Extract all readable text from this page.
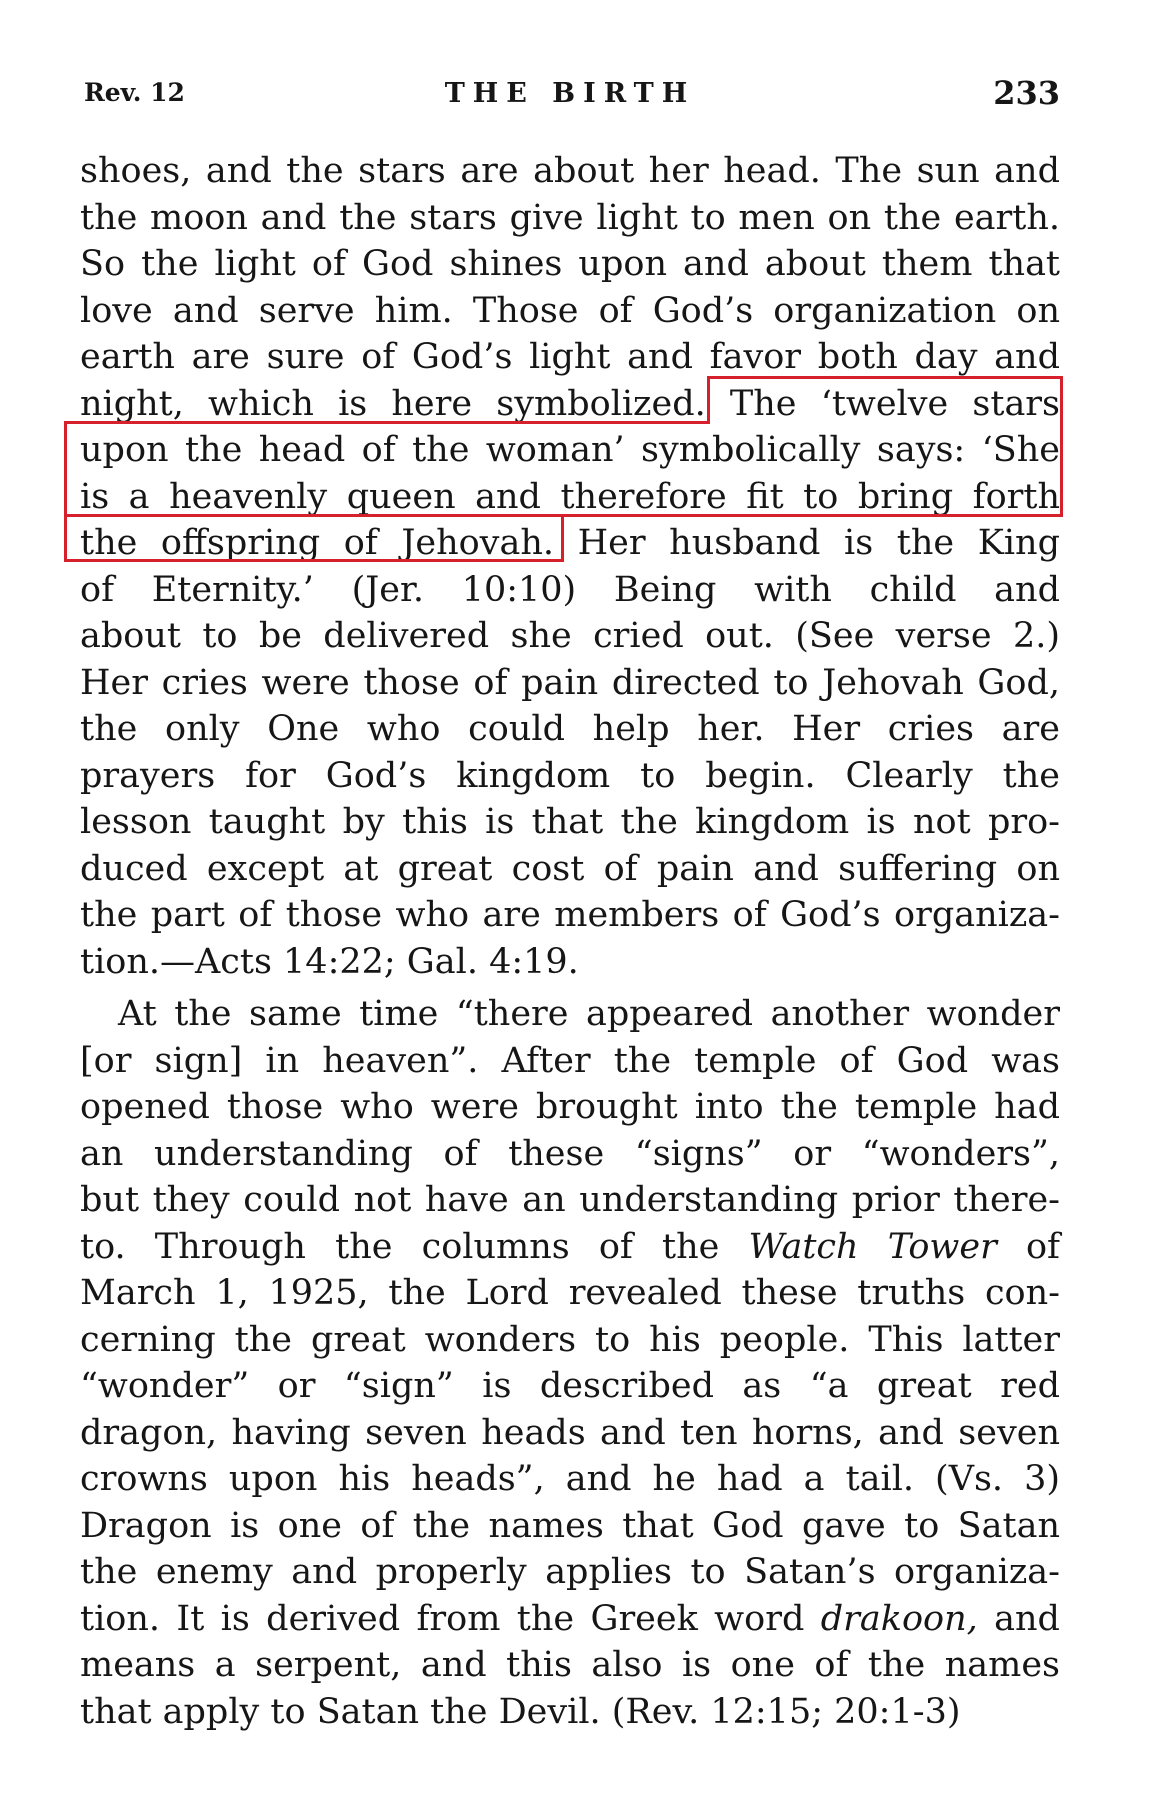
Rev. 12	THE BIRTH	233
shoes, and the stars are about her head. The sun and
the moon and the stars give light to men on the earth.
So the light of God shines upon and about them that
love and serve him. Those of God’s organization on
earth are sure of God’s light and favor both day and
night, which is here symbolized. The ‘twelve stars
upon the head of the woman’ symbolically says: ‘She
is a heavenly queen and therefore fit to bring forth
the offspring of Jehovah. Her husband is the King
of Eternity.’ (Jer. 10:10) Being with child and
about to be delivered she cried out. (See verse 2.)
Her cries were those of pain directed to Jehovah God,
the only One who could help her. Her cries are
prayers for God’s kingdom to begin. Clearly the
lesson taught by this is that the kingdom is not pro-
duced except at great cost of pain and suffering on
the part of those who are members of God’s organiza-
tion.—Acts 14:22; Gal. 4:19.
At the same time “there appeared another wonder
[or sign] in heaven”. After the temple of God was
opened those who were brought into the temple had
an understanding of these “signs” or “wonders”,
but they could not have an understanding prior there-
to. Through the columns of the Watch Tower of
March 1, 1925, the Lord revealed these truths con-
cerning the great wonders to his people. This latter
“wonder” or “sign” is described as “a great red
dragon, having seven heads and ten horns, and seven
crowns upon his heads”, and he had a tail. (Vs. 3)
Dragon is one of the names that God gave to Satan
the enemy and properly applies to Satan’s organiza-
tion. It is derived from the Greek word drakoon, and
means a serpent, and this also is one of the names
that apply to Satan the Devil. (Rev. 12:15; 20:1-3)
